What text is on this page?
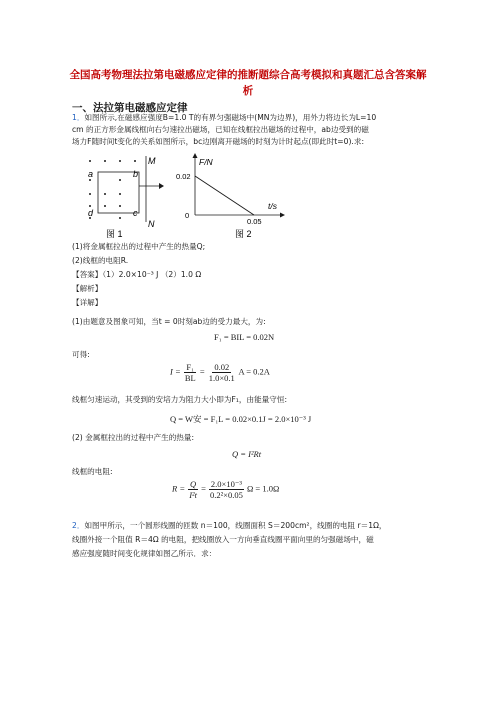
全国高考物理法拉第电磁感应定律的推断题综合高考模拟和真题汇总含答案解
析
一、法拉第电磁感应定律
1．如图所示,在磁感应强度B=1.0 T的有界匀强磁场中(MN为边界)，用外力将边长为L=10
cm 的正方形金属线框向右匀速拉出磁场，已知在线框拉出磁场的过程中，ab边受到的磁
场力F随时间t变化的关系如图所示，bc边刚离开磁场的时刻为计时起点(即此时t=0).求:
M
N
a	b
d	c
图 1
F/N
t/s
0.02
0.05
0
图 2
(1)将金属框拉出的过程中产生的热量Q;
(2)线框的电阻R.
【答案】（1）2.0×10⁻³ J （2）1.0 Ω
【解析】
【详解】
(1)由题意及图象可知，当t = 0时刻ab边的受力最大，为:
F₁ = BIL = 0.02N
可得:
$I = \frac{\text{F₁}}{BL} = \frac{0.02}{1.0\times 0.1}$ A = 0.2A
线框匀速运动，其受到的安培力为阻力大小即为F₁，由能量守恒:
Q = W安 = F₁L = 0.02×0.1J = 2.0×10⁻³ J
(2) 金属框拉出的过程中产生的热量:
Q = I²Rt
线框的电阻:
$R = \frac{Q}{\text{I²t}} = \frac{\text{2.0×10⁻³}}{\text{0.2²×0.05}}$ Ω = 1.0Ω
2．如图甲所示，一个圆形线圈的匝数 n＝100，线圈面积 S＝200cm²，线圈的电阻 r＝1Ω，
线圈外接一个阻值 R＝4Ω 的电阻，把线圈放入一方向垂直线圈平面向里的匀强磁场中，磁
感应强度随时间变化规律如图乙所示．求：
